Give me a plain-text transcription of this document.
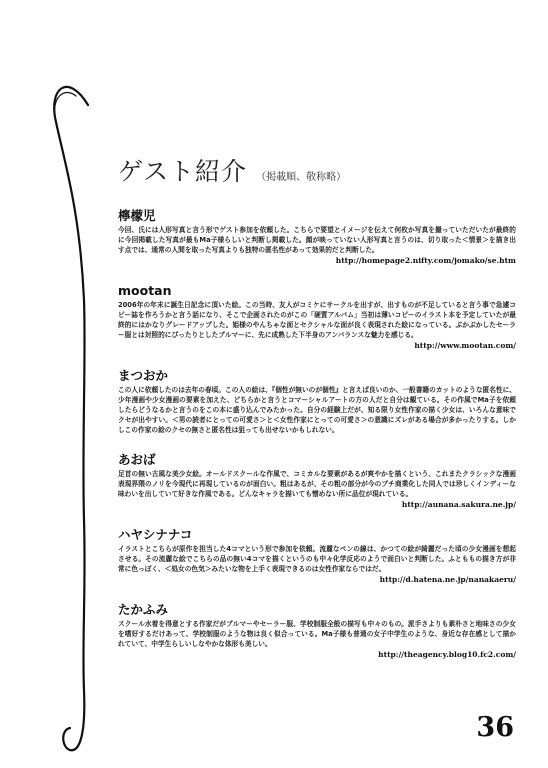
ゲスト紹介 （掲載順、敬称略）
檸檬児
今回、氏には人形写真と言う形でゲスト参加を依頼した。こちらで要望とイメージを伝えて何枚か写真を撮っていただいたが最終的に今回掲載した写真が最もMa子様らしいと判断し掲載した。顔が映っていない人形写真と言うのは、切り取った＜情景＞を描き出す点では、通常の人間を取った写真よりも独特の匿名性があって効果的だと判断した。
http://homepage2.nifty.com/jomako/se.htm
mootan
2006年の年末に誕生日記念に頂いた絵。この当時、友人がコミケにサークルを出すが、出すものが不足していると言う事で急遽コピー誌を作ろうかと言う話になり、そこで企画されたのがこの「硬質アルバム」当初は薄いコピーのイラスト本を予定していたが最終的にはかなりグレードアップした。姫様のやんちゃな面とセクシャルな面が良く表現された絵になっている。ぶかぶかしたセーラー服とは対照的にぴったりとしたブルマーに、先に成熟した下半身のアンバランスな魅力を感じる。
http://www.mootan.com/
まつおか
この人に依頼したのは去年の春頃。この人の絵は、『個性が無いのが個性』と言えば良いのか、一般書籍のカットのような匿名性に、少年漫画や少女漫画の要素を加えた、どちらかと言うとコマーシャルアートの方の人だと自分は観ている。その作風でMa子を依頼したらどうなるかと言うのをこの本に盛り込んでみたかった。自分の経験上だが、知る限り女性作家の描く少女は、いろんな意味でクセが出やすい。＜男の読者にとっての可愛さ＞と＜女性作家にとっての可愛さ＞の意識にズレがある場合が多かったりする。しかしこの作家の絵のクセの無さと匿名性は狙っても出せないかもしれない。
あおば
足首の無い古風な美少女絵。オールドスクールな作風で、コミカルな要素があるが爽やかを描くという、これまたクラシックな漫画表現界隈のノリを今現代に再現しているのが面白い。粗はあるが、その粗の部分が今のプチ商業化した同人では珍しくインディーな味わいを出していて好きな作風である。どんなキャラを描いても憎めない所に品位が現れている。
http://aunana.sakura.ne.jp/
ハヤシナナコ
イラストとこちらが原作を担当した4コマという形で参加を依頼。流麗なペンの線は、かつての絵が綺麗だった頃の少女漫画を想起させる。その流麗な絵でこちらの品の無い4コマを描くというのも中々化学反応のようで面白いと判断した。ふとももの描き方が非常に色っぽく、＜処女の色気＞みたいな物を上手く表現できるのは女性作家ならではだ。
http://d.hatena.ne.jp/nanakaeru/
たかふみ
スクール水着を得意とする作家だがブルマーやセーラー服、学校制服全般の描写も中々のもの。派手さよりも素朴さと地味さの少女を嗜好するだけあって、学校制服のような物は良く似合っている。Ma子様も普通の女子中学生のような、身近な存在感として描かれていて、中学生らしいしなやかな体形も美しい。
http://theagency.blog10.fc2.com/
36
